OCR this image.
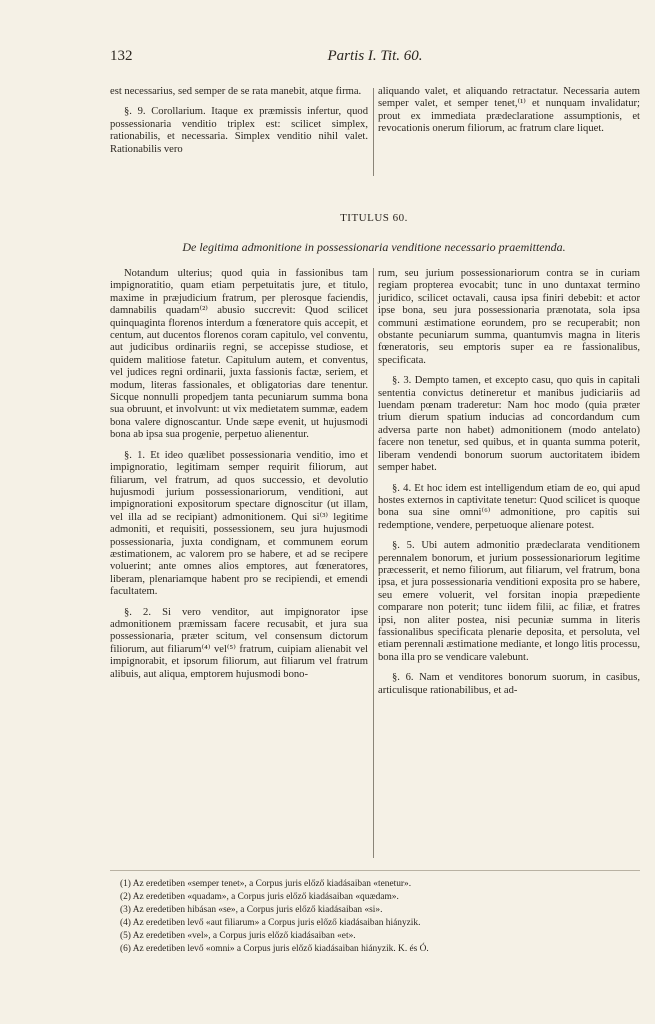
132	Partis I. Tit. 60.

est necessarius, sed semper de se rata manebit, atque firma.

§. 9. Corollarium. Itaque ex præmissis infertur, quod possessionaria venditio triplex est: scilicet simplex, rationabilis, et necessaria. Simplex venditio nihil valet. Rationabilis vero

aliquando valet, et aliquando retractatur. Necessaria autem semper valet, et semper tenet,⁽¹⁾ et nunquam invalidatur; prout ex immediata prædeclaratione assumptionis, et revocationis onerum filiorum, ac fratrum clare liquet.

TITULUS 60.
De legitima admonitione in possessionaria venditione necessario praemittenda.

Notandum ulterius; quod quia in fassionibus tam impignoratitio, quam etiam perpetuitatis jure, et titulo, maxime in præjudicium fratrum, per plerosque faciendis, damnabilis quadam⁽²⁾ abusio succrevit: Quod scilicet quinquaginta florenos interdum a fœneratore quis accepit, et centum, aut ducentos florenos coram capitulo, vel conventu, aut judicibus ordinariis regni, se accepisse studiose, et quidem malitiose fatetur. Capitulum autem, et conventus, vel judices regni ordinarii, juxta fassionis factæ, seriem, et modum, literas fassionales, et obligatorias dare tenentur. Sicque nonnulli propedjem tanta pecuniarum summa bona sua obruunt, et involvunt: ut vix medietatem summæ, eadem bona valere dignoscantur. Unde sæpe evenit, ut hujusmodi bona ab ipsa sua progenie, perpetuo alienentur.

§. 1. Et ideo quælibet possessionaria venditio, imo et impignoratio, legitimam semper requirit filiorum, aut filiarum, vel fratrum, ad quos successio, et devolutio hujusmodi jurium possessionariorum, venditioni, aut impignorationi expositorum spectare dignoscitur (ut illam, vel illa ad se recipiant) admonitionem. Qui si⁽³⁾ legitime admoniti, et requisiti, possessionem, seu jura hujusmodi possessionaria, juxta condignam, et communem eorum æstimationem, ac valorem pro se habere, et ad se recipere voluerint; ante omnes alios emptores, aut fœneratores, liberam, plenariamque habent pro se recipiendi, et emendi facultatem.

§. 2. Si vero venditor, aut impignorator ipse admonitionem præmissam facere recusabit, et jura sua possessionaria, præter scitum, vel consensum dictorum filiorum, aut filiarum⁽⁴⁾ vel⁽⁵⁾ fratrum, cuipiam alienabit vel impignorabit, et ipsorum filiorum, aut filiarum vel fratrum alibuis, aut aliqua, emptorem hujusmodi bono-

rum, seu jurium possessionariorum contra se in curiam regiam propterea evocabit; tunc in uno duntaxat termino juridico, scilicet octavali, causa ipsa finiri debebit: et actor ipse bona, seu jura possessionaria prænotata, sola ipsa communi æstimatione eorundem, pro se recuperabit; non obstante pecuniarum summa, quantumvis magna in literis fœneratoris, seu emptoris super ea re fassionalibus, specificata.

§. 3. Dempto tamen, et excepto casu, quo quis in capitali sententia convictus detineretur et manibus judiciariis ad luendam pœnam traderetur: Nam hoc modo (quia præter trium dierum spatium inducias ad concordandum cum adversa parte non habet) admonitionem (modo antelato) facere non tenetur, sed quibus, et in quanta summa poterit, liberam vendendi bonorum suorum auctoritatem ibidem semper habet.

§. 4. Et hoc idem est intelligendum etiam de eo, qui apud hostes externos in captivitate tenetur: Quod scilicet is quoque bona sua sine omni⁽⁶⁾ admonitione, pro capitis sui redemptione, vendere, perpetuoque alienare potest.

§. 5. Ubi autem admonitio prædeclarata venditionem perennalem bonorum, et jurium possessionariorum legitime præcesserit, et nemo filiorum, aut filiarum, vel fratrum, bona ipsa, et jura possessionaria venditioni exposita pro se habere, seu emere voluerit, vel forsitan inopia præpediente comparare non poterit; tunc iidem filii, ac filiæ, et fratres ipsi, non aliter postea, nisi pecuniæ summa in literis fassionalibus specificata plenarie deposita, et persoluta, vel etiam perennali æstimatione mediante, et longo litis processu, bona illa pro se vendicare valebunt.

§. 6. Nam et venditores bonorum suorum, in casibus, articulisque rationabilibus, et ad-

(1) Az eredetiben «semper tenet», a Corpus juris előző kiadásaiban «tenetur».
(2) Az eredetiben «quadam», a Corpus juris előző kiadásaiban «quædam».
(3) Az eredetiben hibásan «se», a Corpus juris előző kiadásaiban «si».
(4) Az eredetiben levő «aut filiarum» a Corpus juris előző kiadásaiban hiányzik.
(5) Az eredetiben «vel», a Corpus juris előző kiadásaiban «et».
(6) Az eredetiben levő «omni» a Corpus juris előző kiadásaiban hiányzik. K. és Ó.
